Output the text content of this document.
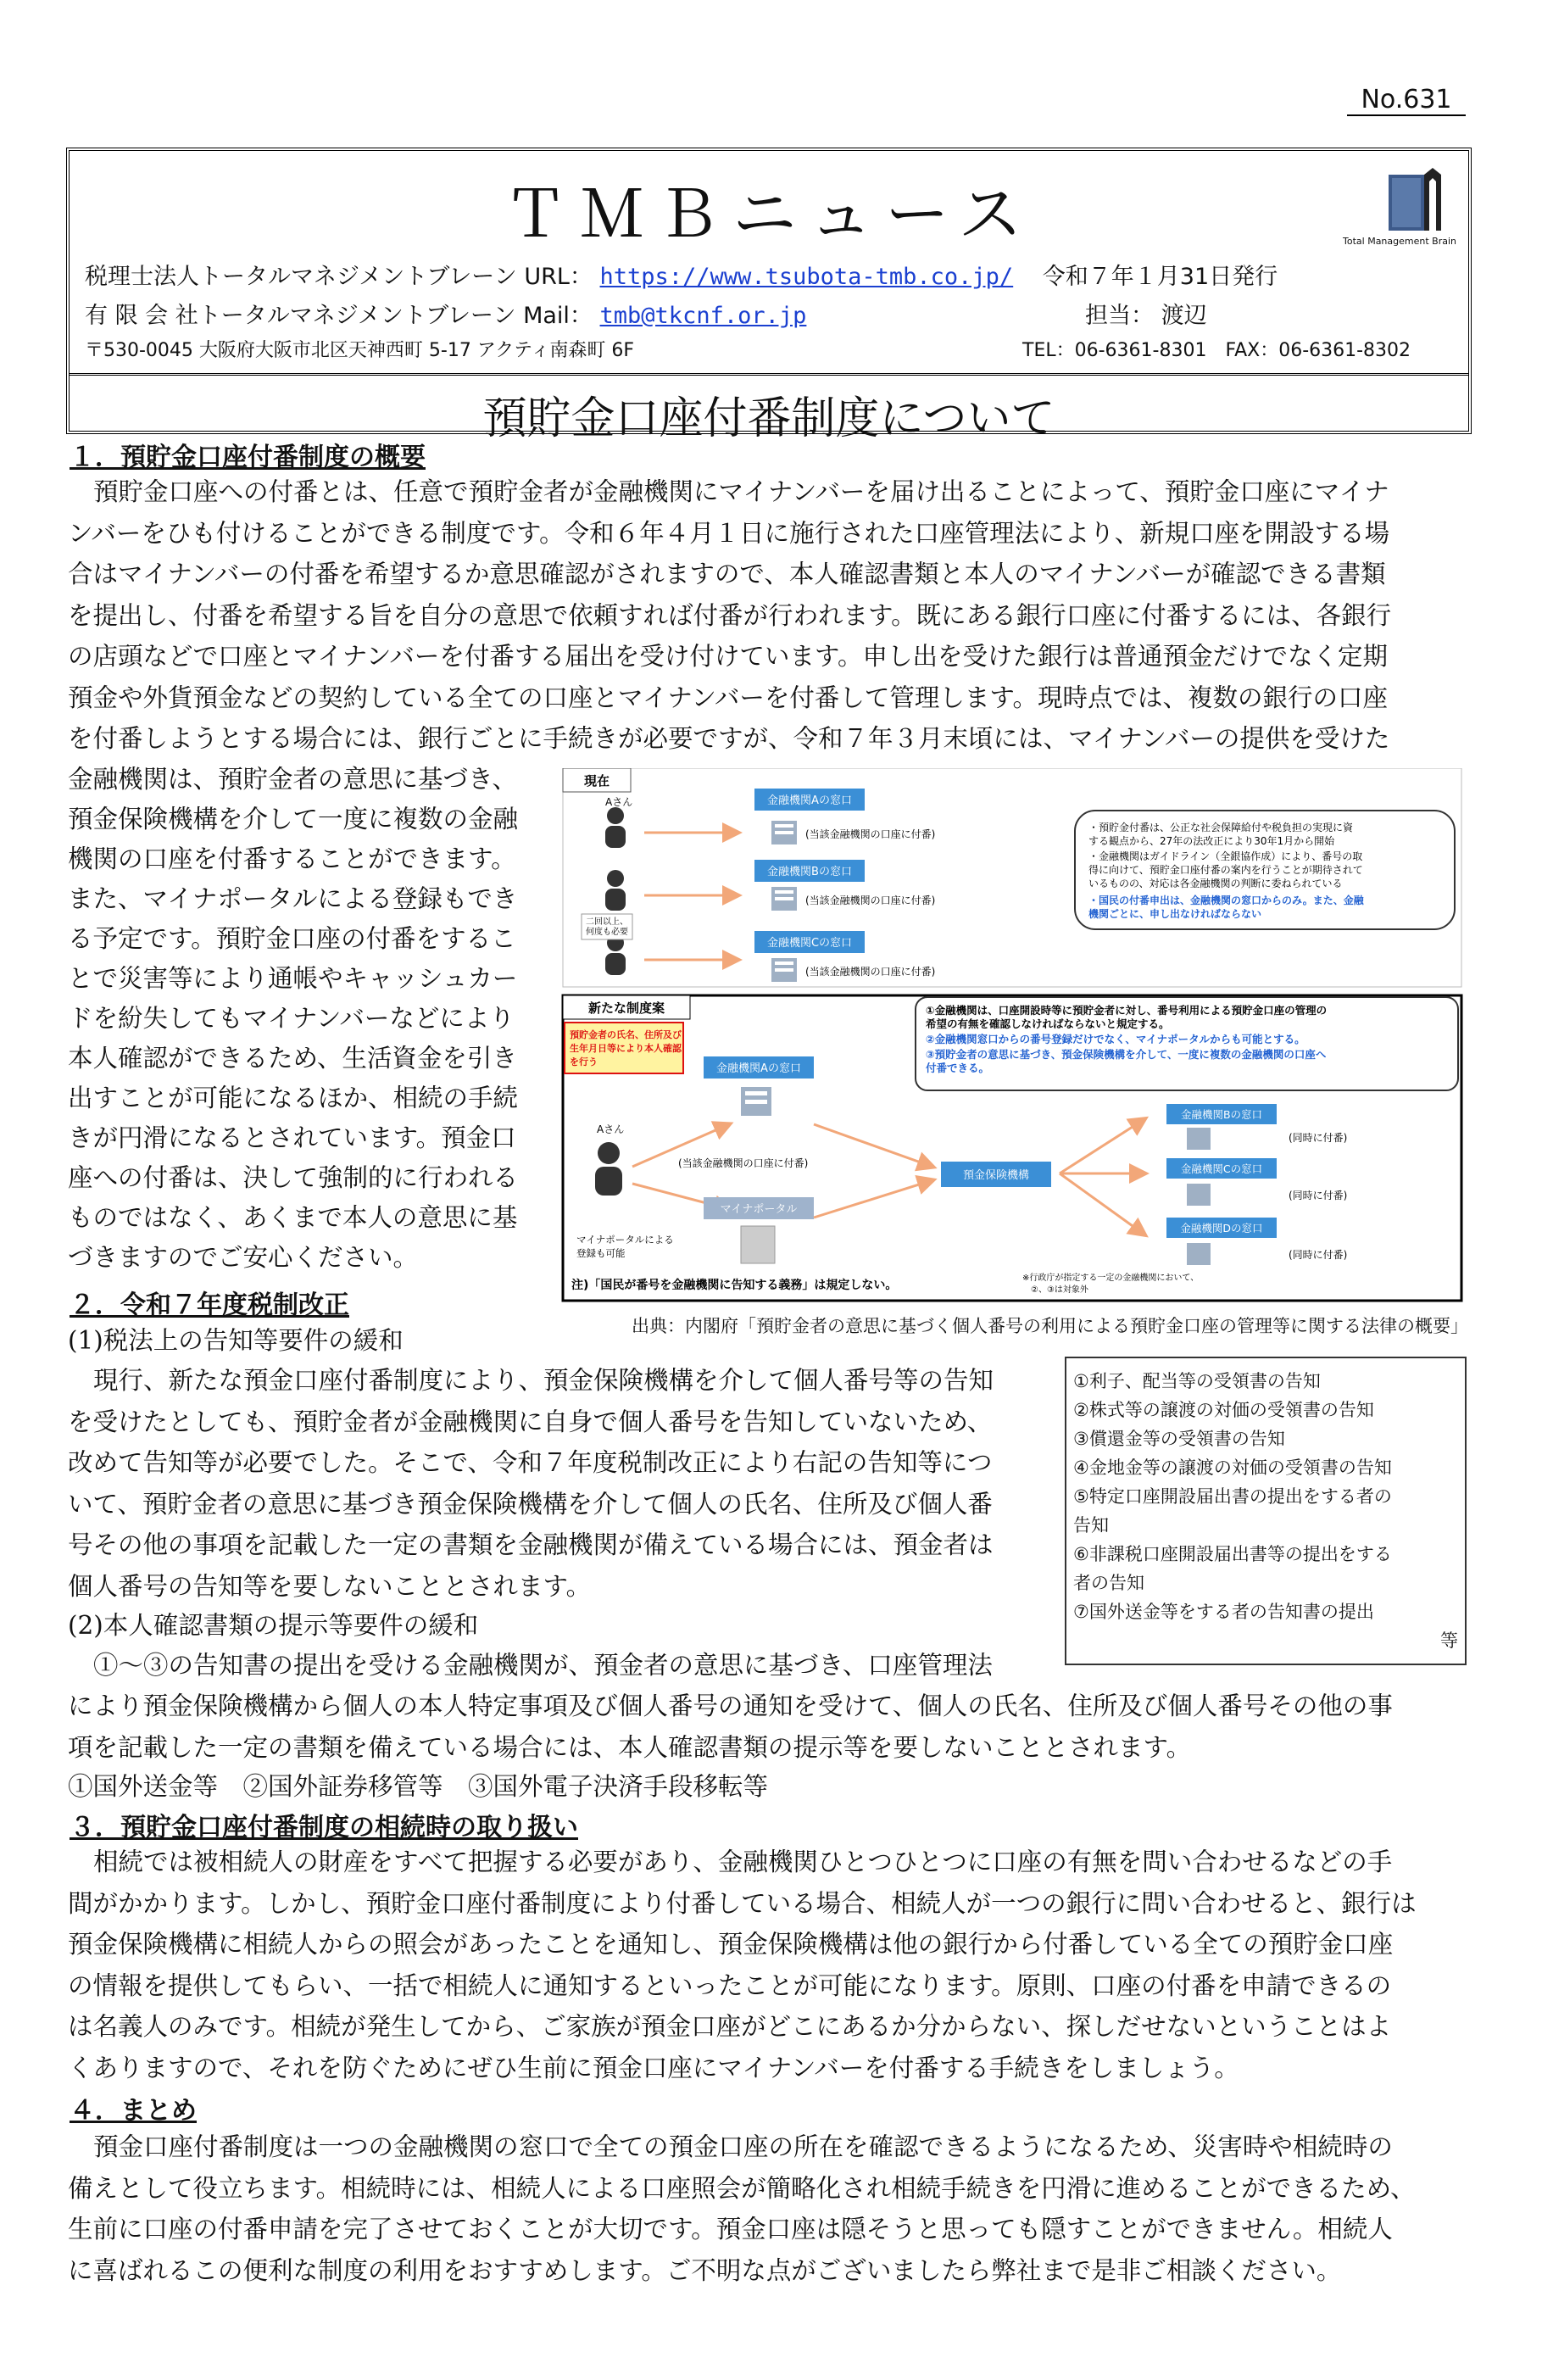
No.631
ＴＭＢニュース	Total Management Brain
税理士法人トータルマネジメントブレーン URL： https://www.tsubota-tmb.co.jp/ 令和７年１月31日発行
有 限 会 社トータルマネジメントブレーン Mail： tmb@tkcnf.or.jp	担当： 渡辺
〒530-0045 大阪府大阪市北区天神西町 5-17 アクティ南森町 6F	TEL：06-6361-8301　FAX：06-6361-8302
預貯金口座付番制度について
１．預貯金口座付番制度の概要
預貯金口座への付番とは、任意で預貯金者が金融機関にマイナンバーを届け出ることによって、預貯金口座にマイナ
ンバーをひも付けることができる制度です。令和６年４月１日に施行された口座管理法により、新規口座を開設する場
合はマイナンバーの付番を希望するか意思確認がされますので、本人確認書類と本人のマイナンバーが確認できる書類
を提出し、付番を希望する旨を自分の意思で依頼すれば付番が行われます。既にある銀行口座に付番するには、各銀行
の店頭などで口座とマイナンバーを付番する届出を受け付けています。申し出を受けた銀行は普通預金だけでなく定期
預金や外貨預金などの契約している全ての口座とマイナンバーを付番して管理します。現時点では、複数の銀行の口座
を付番しようとする場合には、銀行ごとに手続きが必要ですが、令和７年３月末頃には、マイナンバーの提供を受けた
金融機関は、預貯金者の意思に基づき、
預金保険機構を介して一度に複数の金融
機関の口座を付番することができます。
また、マイナポータルによる登録もでき
る予定です。預貯金口座の付番をするこ
とで災害等により通帳やキャッシュカー
ドを紛失してもマイナンバーなどにより
本人確認ができるため、生活資金を引き
出すことが可能になるほか、相続の手続
きが円滑になるとされています。預金口
座への付番は、決して強制的に行われる
ものではなく、あくまで本人の意思に基
づきますのでご安心ください。
現在
Aさん
二回以上、何度も必要
金融機関Aの窓口
金融機関Bの窓口
金融機関Cの窓口
(当該金融機関の口座に付番)
(当該金融機関の口座に付番)
(当該金融機関の口座に付番)
・預貯金付番は、公正な社会保障給付や税負担の実現に資 する観点から、27年の法改正により30年1月から開始 ・金融機関はガイドライン（全銀協作成）により、番号の取 得に向けて、預貯金口座付番の案内を行うことが期待されて いるものの、対応は各金融機関の判断に委ねられている
・国民の付番申出は、金融機関の窓口からのみ。また、金融 機関ごとに、申し出なければならない
新たな制度案	①金融機関は、口座開設時等に預貯金者に対し、番号利用による預貯金口座の管理の 希望の有無を確認しなければならないと規定する。
②金融機関窓口からの番号登録だけでなく、マイナポータルからも可能とする。 ③預貯金者の意思に基づき、預金保険機構を介して、一度に複数の金融機関の口座へ 付番できる。
預貯金者の氏名、住所及び 生年月日等により本人確認 を行う
金融機関Aの窓口
(当該金融機関の口座に付番)
Aさん
マイナポータル
マイナポータルによる 登録も可能
預金保険機構
金融機関Bの窓口
金融機関Cの窓口
金融機関Dの窓口
(同時に付番)
(同時に付番)
(同時に付番)
注)「国民が番号を金融機関に告知する義務」は規定しない。
※行政庁が指定する一定の金融機関において、 　②、③は対象外
出典：内閣府「預貯金者の意思に基づく個人番号の利用による預貯金口座の管理等に関する法律の概要」
２．令和７年度税制改正
(1)税法上の告知等要件の緩和
現行、新たな預金口座付番制度により、預金保険機構を介して個人番号等の告知
を受けたとしても、預貯金者が金融機関に自身で個人番号を告知していないため、
改めて告知等が必要でした。そこで、令和７年度税制改正により右記の告知等につ
いて、預貯金者の意思に基づき預金保険機構を介して個人の氏名、住所及び個人番
号その他の事項を記載した一定の書類を金融機関が備えている場合には、預金者は
個人番号の告知等を要しないこととされます。
(2)本人確認書類の提示等要件の緩和
①～③の告知書の提出を受ける金融機関が、預金者の意思に基づき、口座管理法
により預金保険機構から個人の本人特定事項及び個人番号の通知を受けて、個人の氏名、住所及び個人番号その他の事
項を記載した一定の書類を備えている場合には、本人確認書類の提示等を要しないこととされます。
①国外送金等　②国外証券移管等　③国外電子決済手段移転等
①利子、配当等の受領書の告知
②株式等の譲渡の対価の受領書の告知
③償還金等の受領書の告知
④金地金等の譲渡の対価の受領書の告知
⑤特定口座開設届出書の提出をする者の
告知
⑥非課税口座開設届出書等の提出をする
者の告知
⑦国外送金等をする者の告知書の提出
等
３．預貯金口座付番制度の相続時の取り扱い
相続では被相続人の財産をすべて把握する必要があり、金融機関ひとつひとつに口座の有無を問い合わせるなどの手
間がかかります。しかし、預貯金口座付番制度により付番している場合、相続人が一つの銀行に問い合わせると、銀行は
預金保険機構に相続人からの照会があったことを通知し、預金保険機構は他の銀行から付番している全ての預貯金口座
の情報を提供してもらい、一括で相続人に通知するといったことが可能になります。原則、口座の付番を申請できるの
は名義人のみです。相続が発生してから、ご家族が預金口座がどこにあるか分からない、探しだせないということはよ
くありますので、それを防ぐためにぜひ生前に預金口座にマイナンバーを付番する手続きをしましょう。
４．まとめ
預金口座付番制度は一つの金融機関の窓口で全ての預金口座の所在を確認できるようになるため、災害時や相続時の
備えとして役立ちます。相続時には、相続人による口座照会が簡略化され相続手続きを円滑に進めることができるため、
生前に口座の付番申請を完了させておくことが大切です。預金口座は隠そうと思っても隠すことができません。相続人
に喜ばれるこの便利な制度の利用をおすすめします。ご不明な点がございましたら弊社まで是非ご相談ください。
